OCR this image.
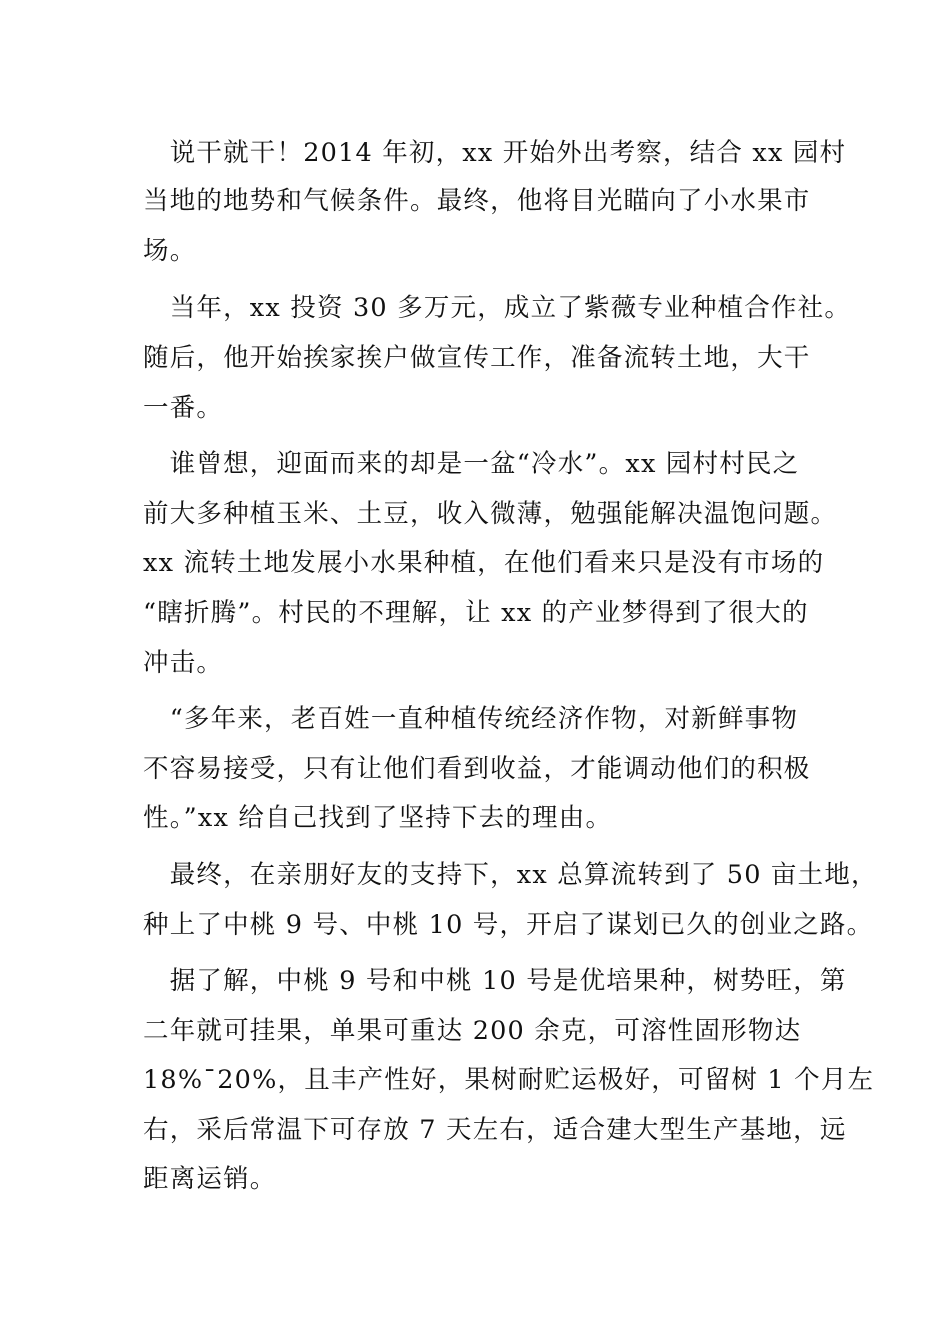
　说干就干！2014 年初，xx 开始外出考察，结合 xx 园村
当地的地势和气候条件。最终，他将目光瞄向了小水果市
场。
　当年，xx 投资 30 多万元，成立了紫薇专业种植合作社。
随后，他开始挨家挨户做宣传工作，准备流转土地，大干
一番。
　谁曾想，迎面而来的却是一盆“冷水”。xx 园村村民之
前大多种植玉米、土豆，收入微薄，勉强能解决温饱问题。
xx 流转土地发展小水果种植，在他们看来只是没有市场的
“瞎折腾”。村民的不理解，让 xx 的产业梦得到了很大的
冲击。
　“多年来，老百姓一直种植传统经济作物，对新鲜事物
不容易接受，只有让他们看到收益，才能调动他们的积极
性。”xx 给自己找到了坚持下去的理由。
　最终，在亲朋好友的支持下，xx 总算流转到了 50 亩土地，
种上了中桃 9 号、中桃 10 号，开启了谋划已久的创业之路。
　据了解，中桃 9 号和中桃 10 号是优培果种，树势旺，第
二年就可挂果，单果可重达 200 余克，可溶性固形物达
18%¯20%，且丰产性好，果树耐贮运极好，可留树 1 个月左
右，采后常温下可存放 7 天左右，适合建大型生产基地，远
距离运销。
